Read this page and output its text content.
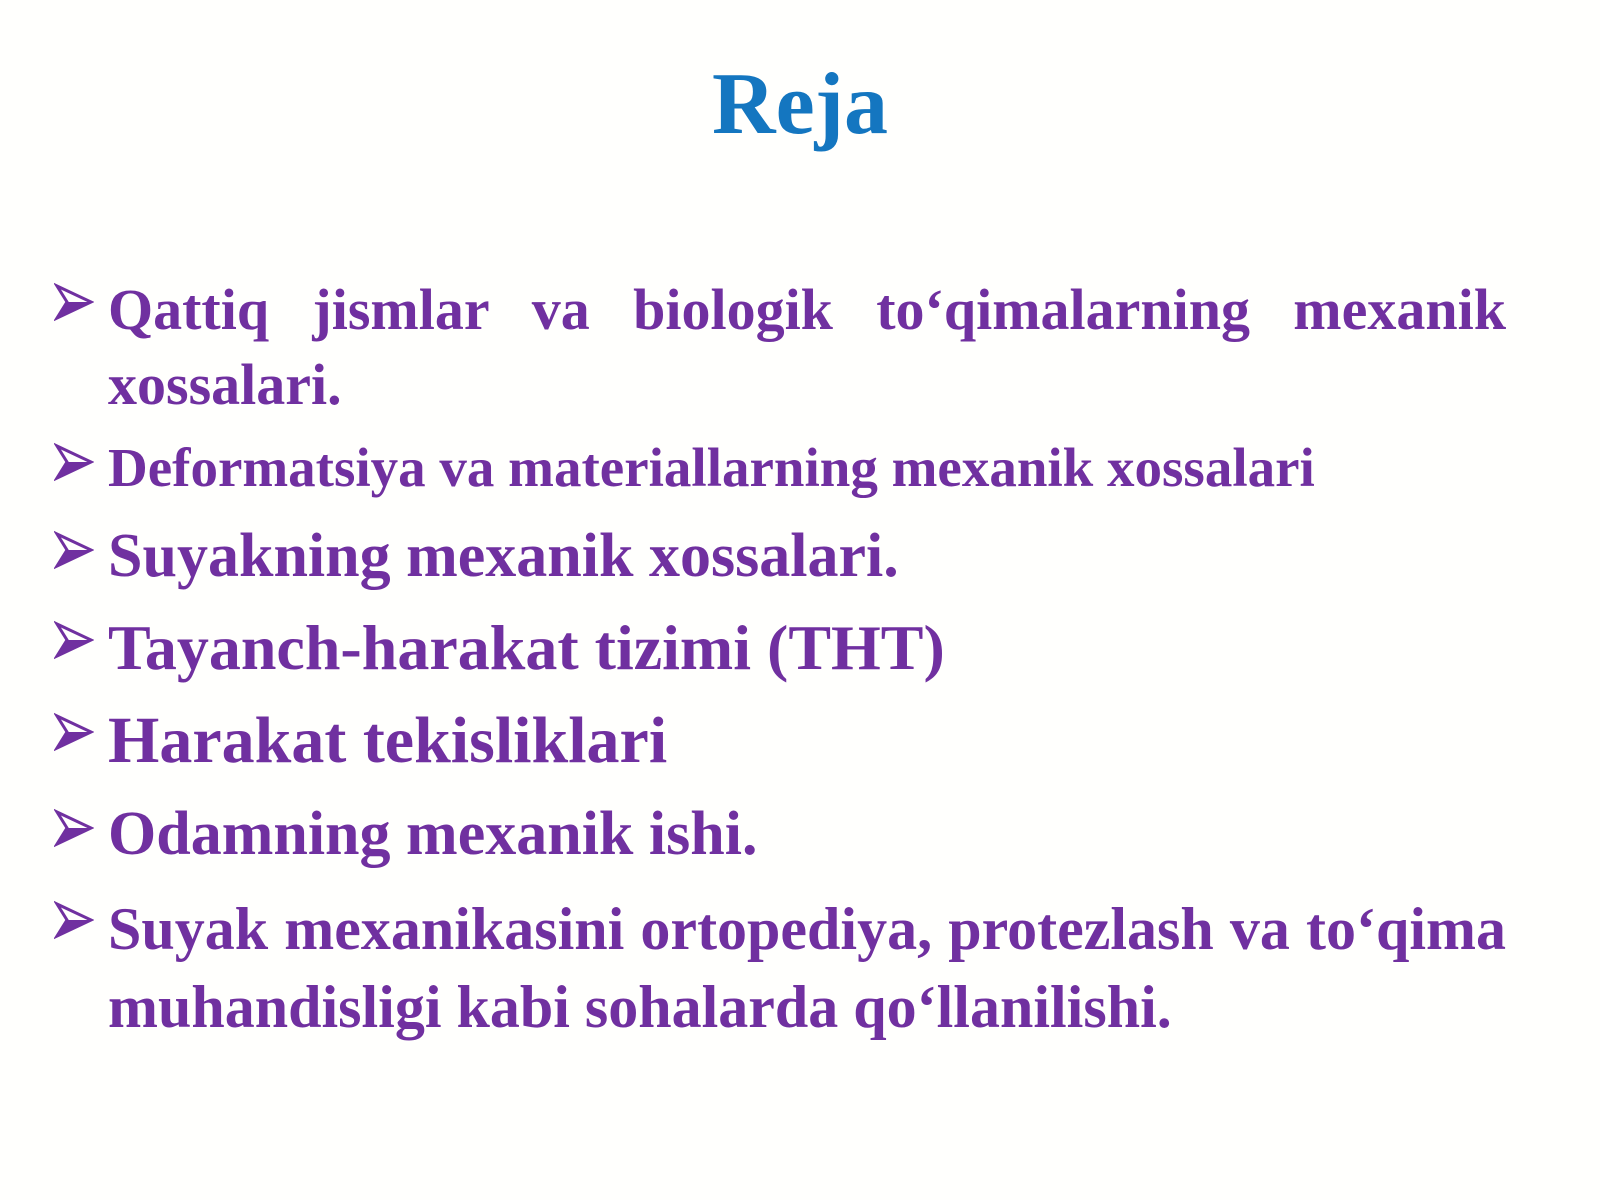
Reja

Qattiq jismlar va biologik to‘qimalarning mexanik xossalari.

Deformatsiya va materiallarning mexanik xossalari

Suyakning mexanik xossalari.

Tayanch-harakat tizimi (THT)

Harakat tekisliklari

Odamning mexanik ishi.

Suyak mexanikasini ortopediya, protezlash va to‘qima muhandisligi kabi sohalarda qo‘llanilishi.
